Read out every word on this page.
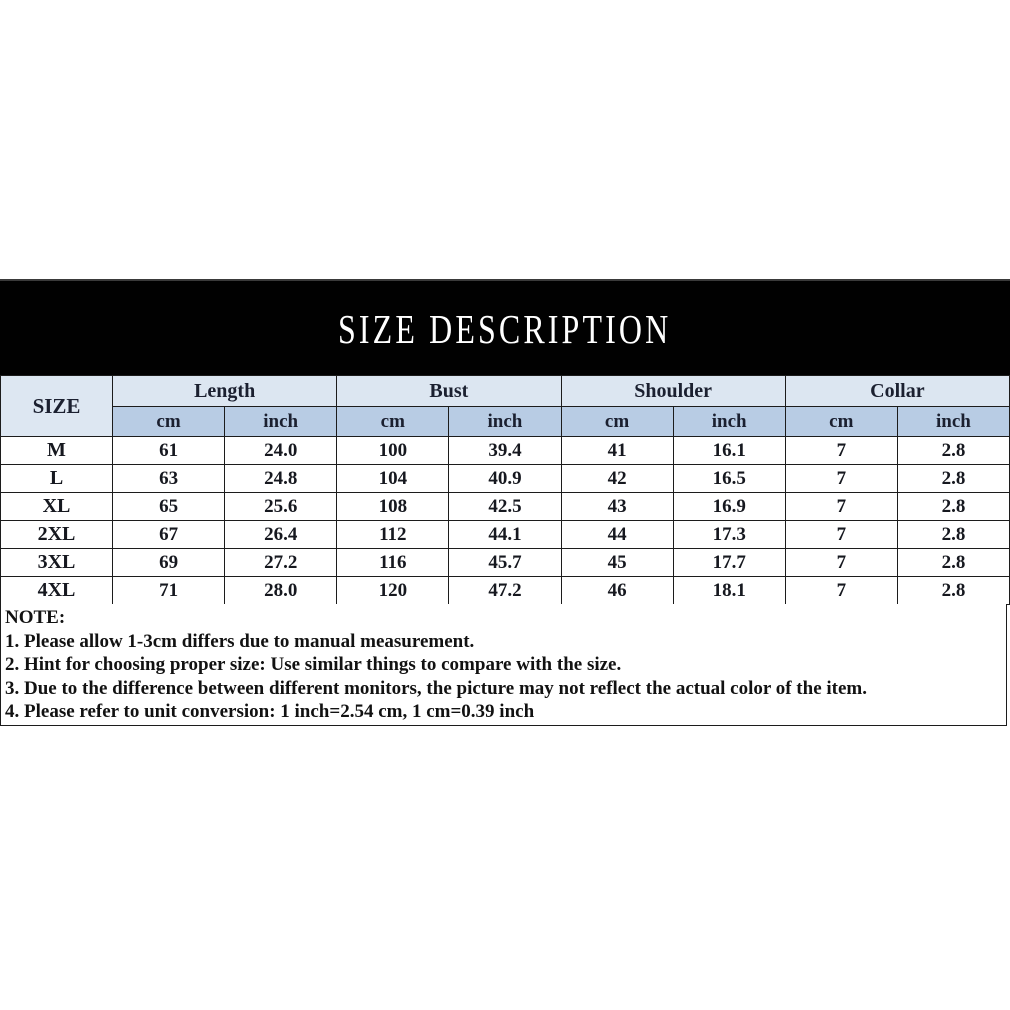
SIZE DESCRIPTION
SIZE	Length		Bust		Shoulder		Collar	
	cm	inch	cm	inch	cm	inch	cm	inch
M	61	24.0	100	39.4	41	16.1	7	2.8
L	63	24.8	104	40.9	42	16.5	7	2.8
XL	65	25.6	108	42.5	43	16.9	7	2.8
2XL	67	26.4	112	44.1	44	17.3	7	2.8
3XL	69	27.2	116	45.7	45	17.7	7	2.8
4XL	71	28.0	120	47.2	46	18.1	7	2.8
NOTE:
1. Please allow 1-3cm differs due to manual measurement.
2. Hint for choosing proper size: Use similar things to compare with the size.
3. Due to the difference between different monitors, the picture may not reflect the actual color of the item.
4. Please refer to unit conversion: 1 inch=2.54 cm, 1 cm=0.39 inch
